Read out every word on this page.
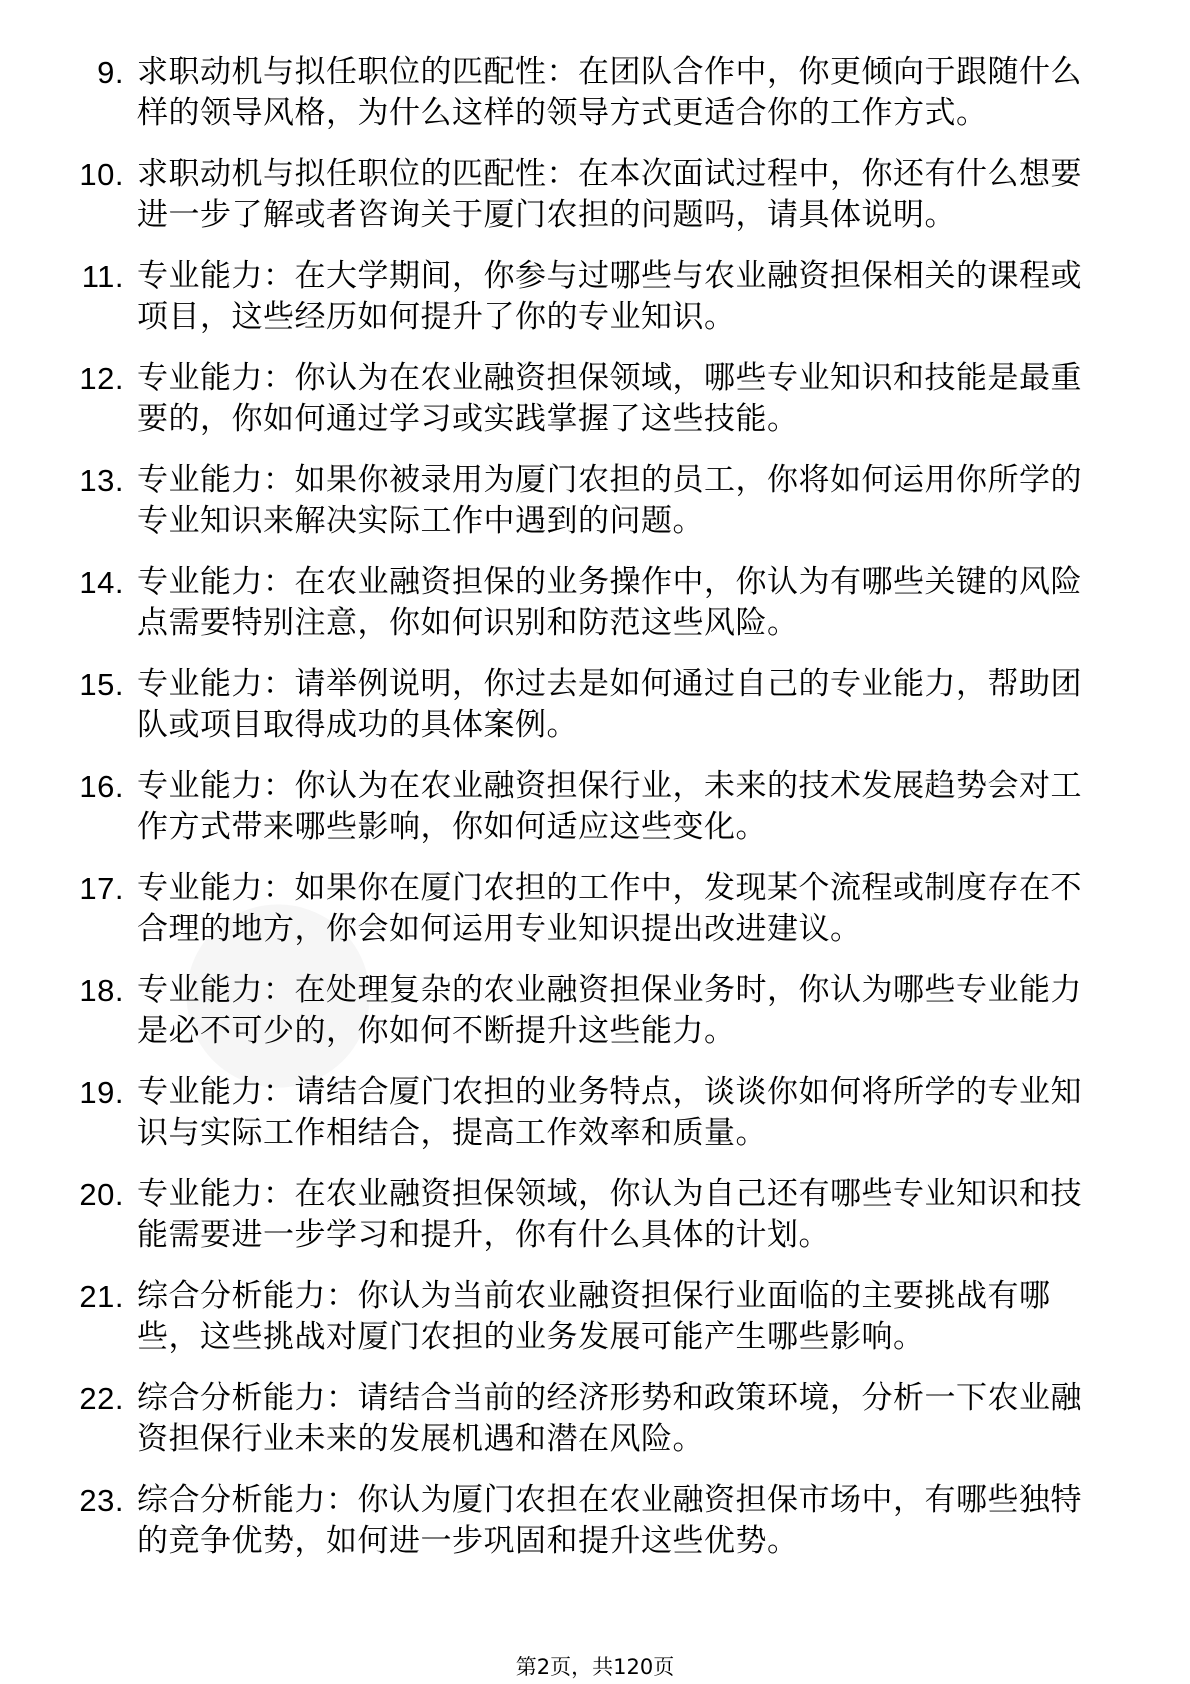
9. 求职动机与拟任职位的匹配性：在团队合作中，你更倾向于跟随什么样的领导风格，为什么这样的领导方式更适合你的工作方式。
10. 求职动机与拟任职位的匹配性：在本次面试过程中，你还有什么想要进一步了解或者咨询关于厦门农担的问题吗，请具体说明。
11. 专业能力：在大学期间，你参与过哪些与农业融资担保相关的课程或项目，这些经历如何提升了你的专业知识。
12. 专业能力：你认为在农业融资担保领域，哪些专业知识和技能是最重要的，你如何通过学习或实践掌握了这些技能。
13. 专业能力：如果你被录用为厦门农担的员工，你将如何运用你所学的专业知识来解决实际工作中遇到的问题。
14. 专业能力：在农业融资担保的业务操作中，你认为有哪些关键的风险点需要特别注意，你如何识别和防范这些风险。
15. 专业能力：请举例说明，你过去是如何通过自己的专业能力，帮助团队或项目取得成功的具体案例。
16. 专业能力：你认为在农业融资担保行业，未来的技术发展趋势会对工作方式带来哪些影响，你如何适应这些变化。
17. 专业能力：如果你在厦门农担的工作中，发现某个流程或制度存在不合理的地方，你会如何运用专业知识提出改进建议。
18. 专业能力：在处理复杂的农业融资担保业务时，你认为哪些专业能力是必不可少的，你如何不断提升这些能力。
19. 专业能力：请结合厦门农担的业务特点，谈谈你如何将所学的专业知识与实际工作相结合，提高工作效率和质量。
20. 专业能力：在农业融资担保领域，你认为自己还有哪些专业知识和技能需要进一步学习和提升，你有什么具体的计划。
21. 综合分析能力：你认为当前农业融资担保行业面临的主要挑战有哪些，这些挑战对厦门农担的业务发展可能产生哪些影响。
22. 综合分析能力：请结合当前的经济形势和政策环境，分析一下农业融资担保行业未来的发展机遇和潜在风险。
23. 综合分析能力：你认为厦门农担在农业融资担保市场中，有哪些独特的竞争优势，如何进一步巩固和提升这些优势。
第2页，共120页
